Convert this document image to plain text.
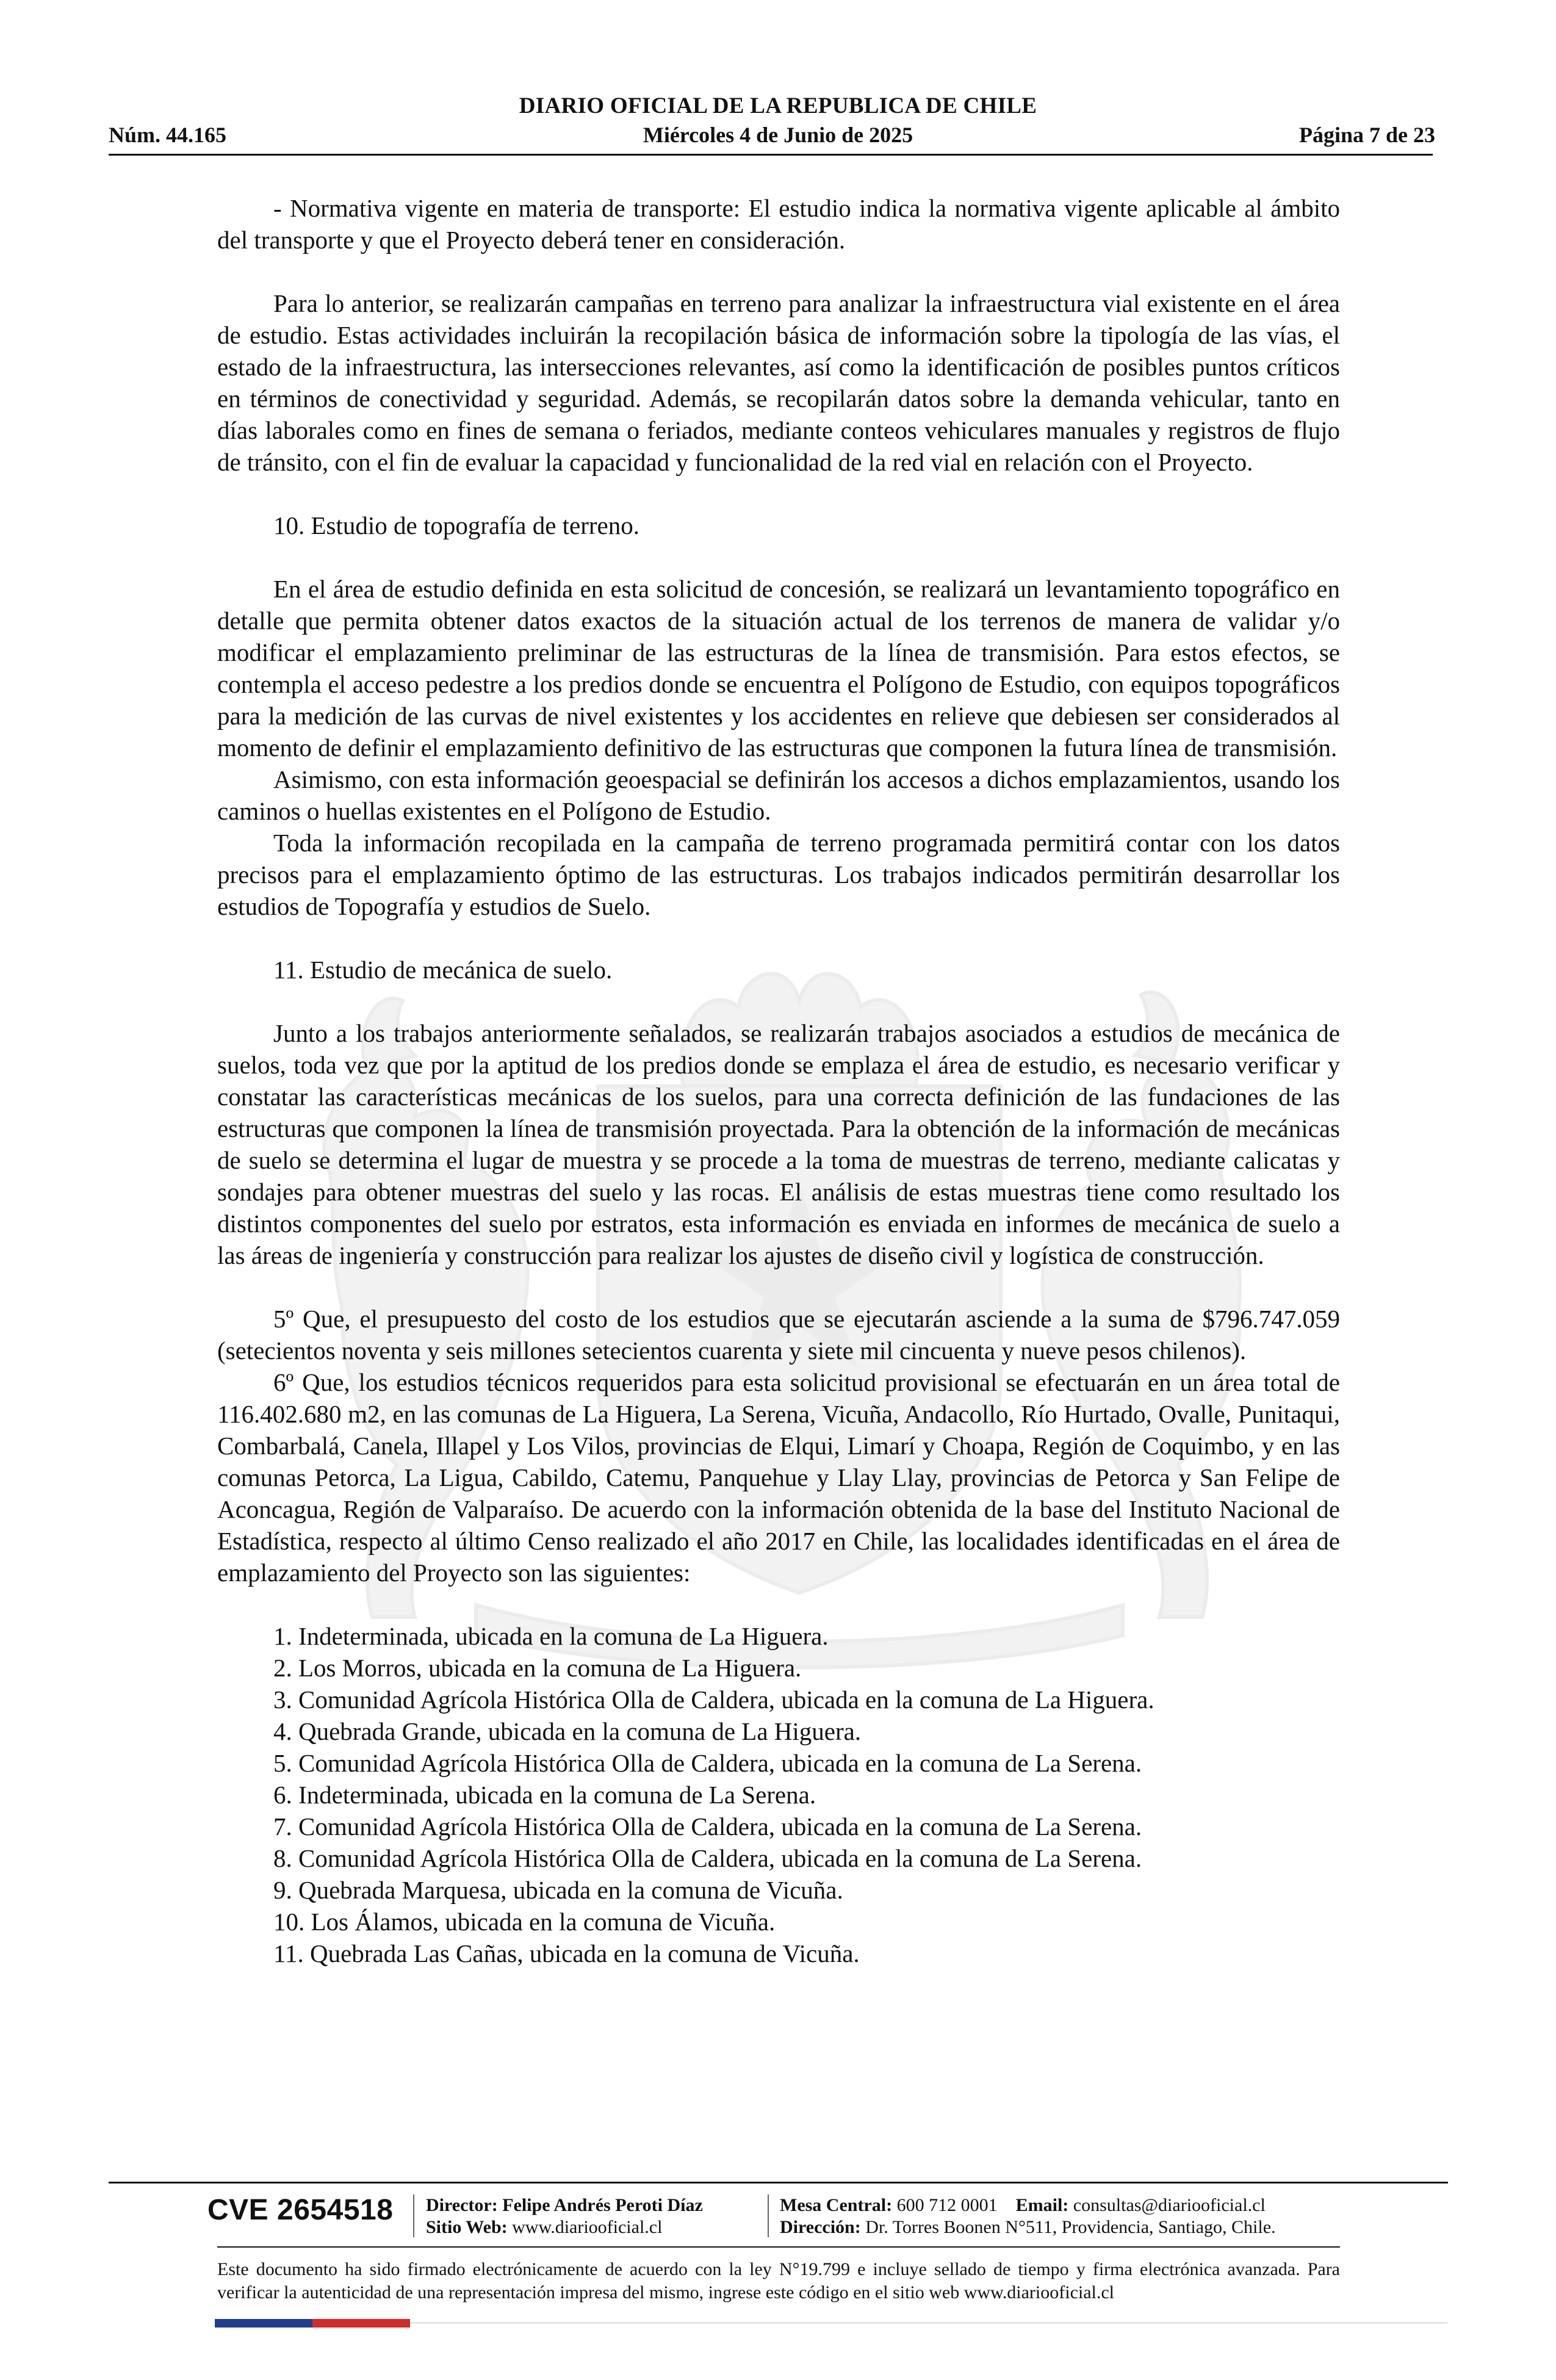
DIARIO OFICIAL DE LA REPUBLICA DE CHILE
Núm. 44.165	Miércoles 4 de Junio de 2025	Página 7 de 23

- Normativa vigente en materia de transporte: El estudio indica la normativa vigente aplicable al ámbito del transporte y que el Proyecto deberá tener en consideración.

Para lo anterior, se realizarán campañas en terreno para analizar la infraestructura vial existente en el área de estudio. Estas actividades incluirán la recopilación básica de información sobre la tipología de las vías, el estado de la infraestructura, las intersecciones relevantes, así como la identificación de posibles puntos críticos en términos de conectividad y seguridad. Además, se recopilarán datos sobre la demanda vehicular, tanto en días laborales como en fines de semana o feriados, mediante conteos vehiculares manuales y registros de flujo de tránsito, con el fin de evaluar la capacidad y funcionalidad de la red vial en relación con el Proyecto.

10. Estudio de topografía de terreno.

En el área de estudio definida en esta solicitud de concesión, se realizará un levantamiento topográfico en detalle que permita obtener datos exactos de la situación actual de los terrenos de manera de validar y/o modificar el emplazamiento preliminar de las estructuras de la línea de transmisión. Para estos efectos, se contempla el acceso pedestre a los predios donde se encuentra el Polígono de Estudio, con equipos topográficos para la medición de las curvas de nivel existentes y los accidentes en relieve que debiesen ser considerados al momento de definir el emplazamiento definitivo de las estructuras que componen la futura línea de transmisión.

Asimismo, con esta información geoespacial se definirán los accesos a dichos emplazamientos, usando los caminos o huellas existentes en el Polígono de Estudio.

Toda la información recopilada en la campaña de terreno programada permitirá contar con los datos precisos para el emplazamiento óptimo de las estructuras. Los trabajos indicados permitirán desarrollar los estudios de Topografía y estudios de Suelo.

11. Estudio de mecánica de suelo.

Junto a los trabajos anteriormente señalados, se realizarán trabajos asociados a estudios de mecánica de suelos, toda vez que por la aptitud de los predios donde se emplaza el área de estudio, es necesario verificar y constatar las características mecánicas de los suelos, para una correcta definición de las fundaciones de las estructuras que componen la línea de transmisión proyectada. Para la obtención de la información de mecánicas de suelo se determina el lugar de muestra y se procede a la toma de muestras de terreno, mediante calicatas y sondajes para obtener muestras del suelo y las rocas. El análisis de estas muestras tiene como resultado los distintos componentes del suelo por estratos, esta información es enviada en informes de mecánica de suelo a las áreas de ingeniería y construcción para realizar los ajustes de diseño civil y logística de construcción.

5º Que, el presupuesto del costo de los estudios que se ejecutarán asciende a la suma de $796.747.059 (setecientos noventa y seis millones setecientos cuarenta y siete mil cincuenta y nueve pesos chilenos).

6º Que, los estudios técnicos requeridos para esta solicitud provisional se efectuarán en un área total de 116.402.680 m2, en las comunas de La Higuera, La Serena, Vicuña, Andacollo, Río Hurtado, Ovalle, Punitaqui, Combarbalá, Canela, Illapel y Los Vilos, provincias de Elqui, Limarí y Choapa, Región de Coquimbo, y en las comunas Petorca, La Ligua, Cabildo, Catemu, Panquehue y Llay Llay, provincias de Petorca y San Felipe de Aconcagua, Región de Valparaíso. De acuerdo con la información obtenida de la base del Instituto Nacional de Estadística, respecto al último Censo realizado el año 2017 en Chile, las localidades identificadas en el área de emplazamiento del Proyecto son las siguientes:

1. Indeterminada, ubicada en la comuna de La Higuera.
2. Los Morros, ubicada en la comuna de La Higuera.
3. Comunidad Agrícola Histórica Olla de Caldera, ubicada en la comuna de La Higuera.
4. Quebrada Grande, ubicada en la comuna de La Higuera.
5. Comunidad Agrícola Histórica Olla de Caldera, ubicada en la comuna de La Serena.
6. Indeterminada, ubicada en la comuna de La Serena.
7. Comunidad Agrícola Histórica Olla de Caldera, ubicada en la comuna de La Serena.
8. Comunidad Agrícola Histórica Olla de Caldera, ubicada en la comuna de La Serena.
9. Quebrada Marquesa, ubicada en la comuna de Vicuña.
10. Los Álamos, ubicada en la comuna de Vicuña.
11. Quebrada Las Cañas, ubicada en la comuna de Vicuña.
CVE 2654518 Director: Felipe Andrés Peroti Díaz
Sitio Web: www.diariooficial.cl
Mesa Central: 600 712 0001 Email: consultas@diariooficial.cl
Dirección: Dr. Torres Boonen N°511, Providencia, Santiago, Chile.
Este documento ha sido firmado electrónicamente de acuerdo con la ley N°19.799 e incluye sellado de tiempo y firma electrónica avanzada. Para verificar la autenticidad de una representación impresa del mismo, ingrese este código en el sitio web www.diariooficial.cl
